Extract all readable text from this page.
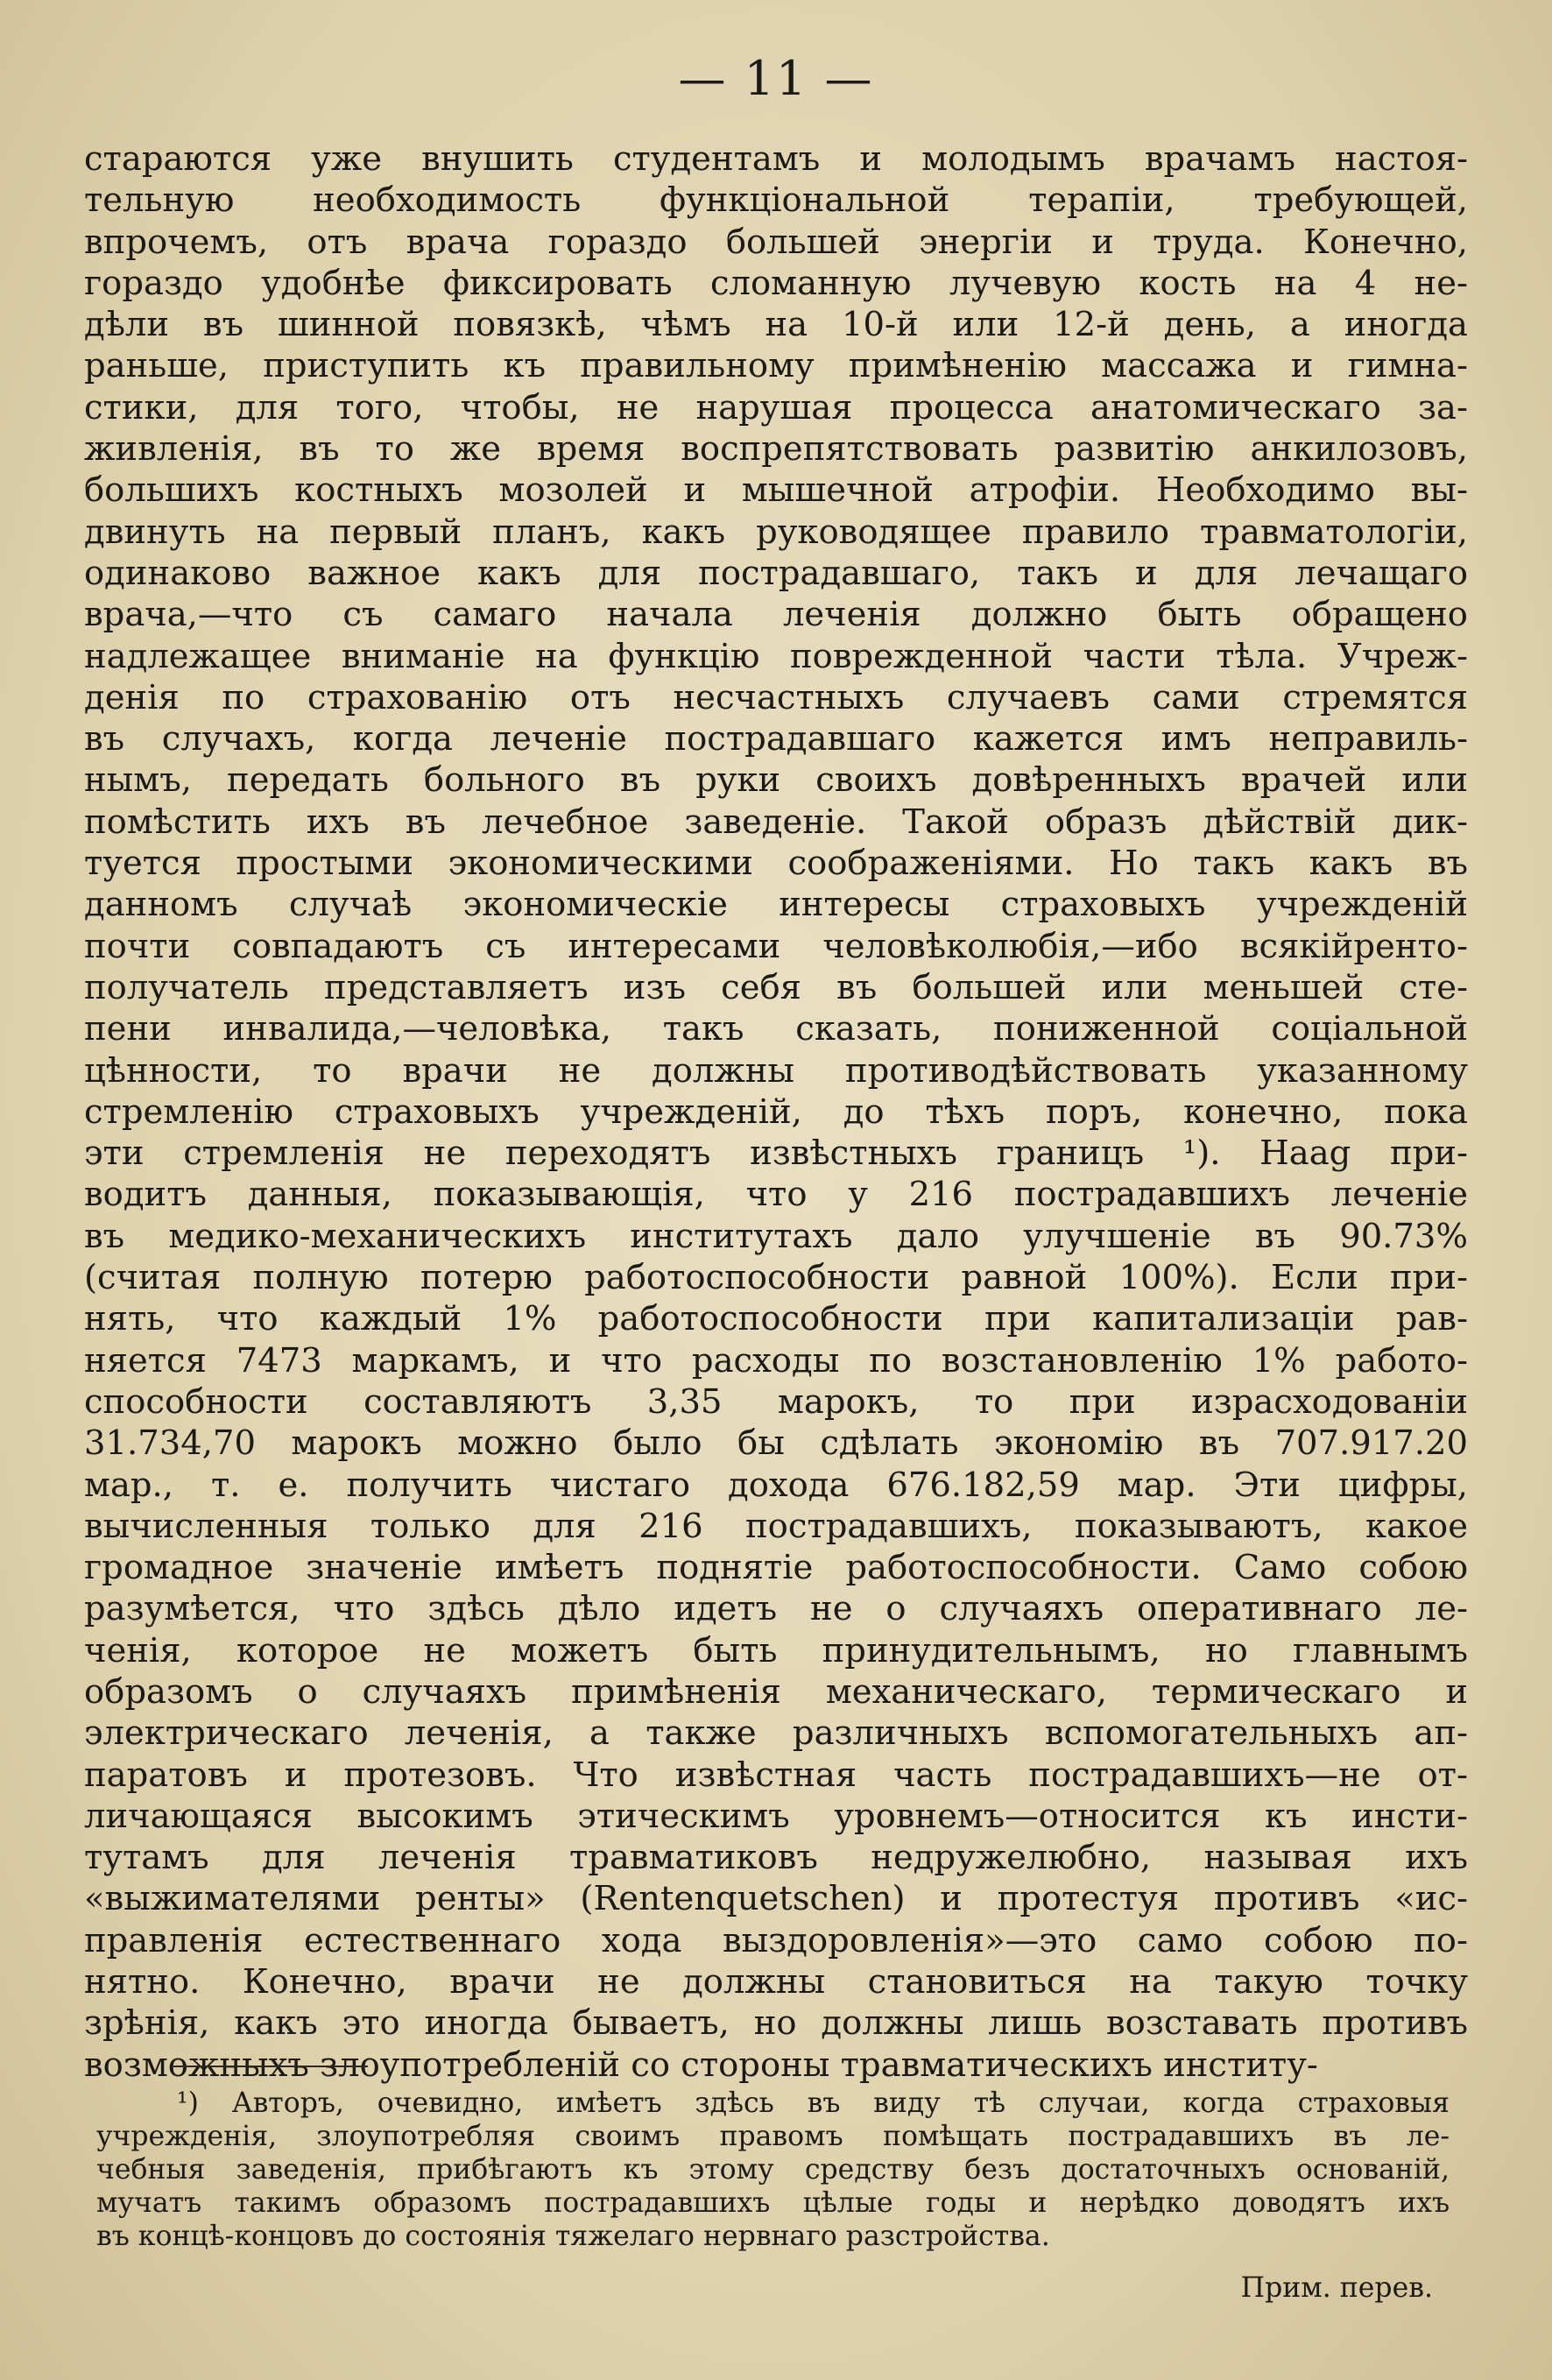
— 11 —
стараются уже внушить студентамъ и молодымъ врачамъ настоя-
тельную необходимость функціональной терапіи, требующей,
впрочемъ, отъ врача гораздо большей энергіи и труда. Конечно,
гораздо удобнѣе фиксировать сломанную лучевую кость на 4 не-
дѣли въ шинной повязкѣ, чѣмъ на 10-й или 12-й день, а иногда
раньше, приступить къ правильному примѣненію массажа и гимна-
стики, для того, чтобы, не нарушая процесса анатомическаго за-
живленія, въ то же время воспрепятствовать развитію анкилозовъ,
большихъ костныхъ мозолей и мышечной атрофіи. Необходимо вы-
двинуть на первый планъ, какъ руководящее правило травматологіи,
одинаково важное какъ для пострадавшаго, такъ и для лечащаго
врача,—что съ самаго начала леченія должно быть обращено
надлежащее вниманіе на функцію поврежденной части тѣла. Учреж-
денія по страхованію отъ несчастныхъ случаевъ сами стремятся
въ случахъ, когда леченіе пострадавшаго кажется имъ неправиль-
нымъ, передать больного въ руки своихъ довѣренныхъ врачей или
помѣстить ихъ въ лечебное заведеніе. Такой образъ дѣйствій дик-
туется простыми экономическими соображеніями. Но такъ какъ въ
данномъ случаѣ экономическіе интересы страховыхъ учрежденій
почти совпадаютъ съ интересами человѣколюбія,—ибо всякійренто-
получатель представляетъ изъ себя въ большей или меньшей сте-
пени инвалида,—человѣка, такъ сказать, пониженной соціальной
цѣнности, то врачи не должны противодѣйствовать указанному
стремленію страховыхъ учрежденій, до тѣхъ поръ, конечно, пока
эти стремленія не переходятъ извѣстныхъ границъ ¹). Haag при-
водитъ данныя, показывающія, что у 216 пострадавшихъ леченіе
въ медико-механическихъ институтахъ дало улучшеніе въ 90.73%
(считая полную потерю работоспособности равной 100%). Если при-
нять, что каждый 1% работоспособности при капитализаціи рав-
няется 7473 маркамъ, и что расходы по возстановленію 1% работо-
способности составляютъ 3,35 марокъ, то при израсходованіи
31.734,70 марокъ можно было бы сдѣлать экономію въ 707.917.20
мар., т. е. получить чистаго дохода 676.182,59 мар. Эти цифры,
вычисленныя только для 216 пострадавшихъ, показываютъ, какое
громадное значеніе имѣетъ поднятіе работоспособности. Само собою
разумѣется, что здѣсь дѣло идетъ не о случаяхъ оперативнаго ле-
ченія, которое не можетъ быть принудительнымъ, но главнымъ
образомъ о случаяхъ примѣненія механическаго, термическаго и
электрическаго леченія, а также различныхъ вспомогательныхъ ап-
паратовъ и протезовъ. Что извѣстная часть пострадавшихъ—не от-
личающаяся высокимъ этическимъ уровнемъ—относится къ инсти-
тутамъ для леченія травматиковъ недружелюбно, называя ихъ
«выжимателями ренты» (Rentenquetschen) и протестуя противъ «ис-
правленія естественнаго хода выздоровленія»—это само собою по-
нятно. Конечно, врачи не должны становиться на такую точку
зрѣнія, какъ это иногда бываетъ, но должны лишь возставать противъ
возможныхъ злоупотребленій со стороны травматическихъ институ-
¹) Авторъ, очевидно, имѣетъ здѣсь въ виду тѣ случаи, когда страховыя
учрежденія, злоупотребляя своимъ правомъ помѣщать пострадавшихъ въ ле-
чебныя заведенія, прибѣгаютъ къ этому средству безъ достаточныхъ основаній,
мучатъ такимъ образомъ пострадавшихъ цѣлые годы и нерѣдко доводятъ ихъ
въ концѣ-концовъ до состоянія тяжелаго нервнаго разстройства.
Прим. перев.
